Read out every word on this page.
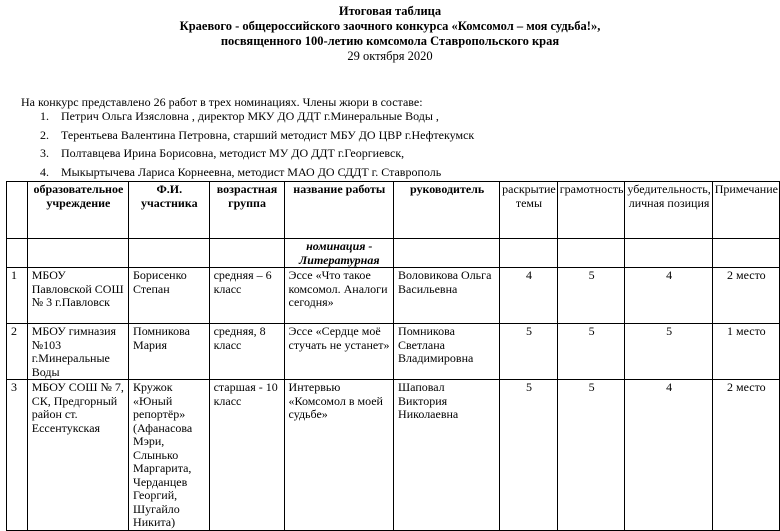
Итоговая таблица
Краевого - общероссийского заочного конкурса «Комсомол – моя судьба!»,
посвященного 100-летию комсомола Ставропольского края
29 октября 2020
На конкурс представлено 26 работ в трех номинациях. Члены жюри в составе:
1. Петрич Ольга Изясловна , директор МКУ ДО ДДТ г.Минеральные Воды ,
2. Терентьева Валентина Петровна, старший методист МБУ ДО ЦВР г.Нефтекумск
3. Полтавцева Ирина Борисовна, методист МУ ДО ДДТ г.Георгиевск,
4. Мыкыртычева Лариса Корнеевна, методист МАО ДО СДДТ г. Ставрополь
	образовательное учреждение	Ф.И. участника	возрастная группа	название работы	руководитель	раскрытие темы	грамотность	убедительность, личная позиция	Примечание
				номинация - Литературная					
1	МБОУ Павловской СОШ № 3 г.Павловск	Борисенко Степан	средняя – 6 класс	Эссе «Что такое комсомол. Аналоги сегодня»	Воловикова Ольга Васильевна	4	5	4	2 место
2	МБОУ гимназия №103 г.Минеральные Воды	Помникова Мария	средняя, 8 класс	Эссе «Сердце моё стучать не устанет»	Помникова Светлана Владимировна	5	5	5	1 место
3	МБОУ СОШ № 7, СК, Предгорный район ст. Ессентукская	Кружок «Юный репортёр» (Афанасова Мэри, Слынько Маргарита, Черданцев Георгий, Шугайло Никита)	старшая - 10 класс	Интервью «Комсомол в моей судьбе»	Шаповал Виктория Николаевна	5	5	4	2 место
